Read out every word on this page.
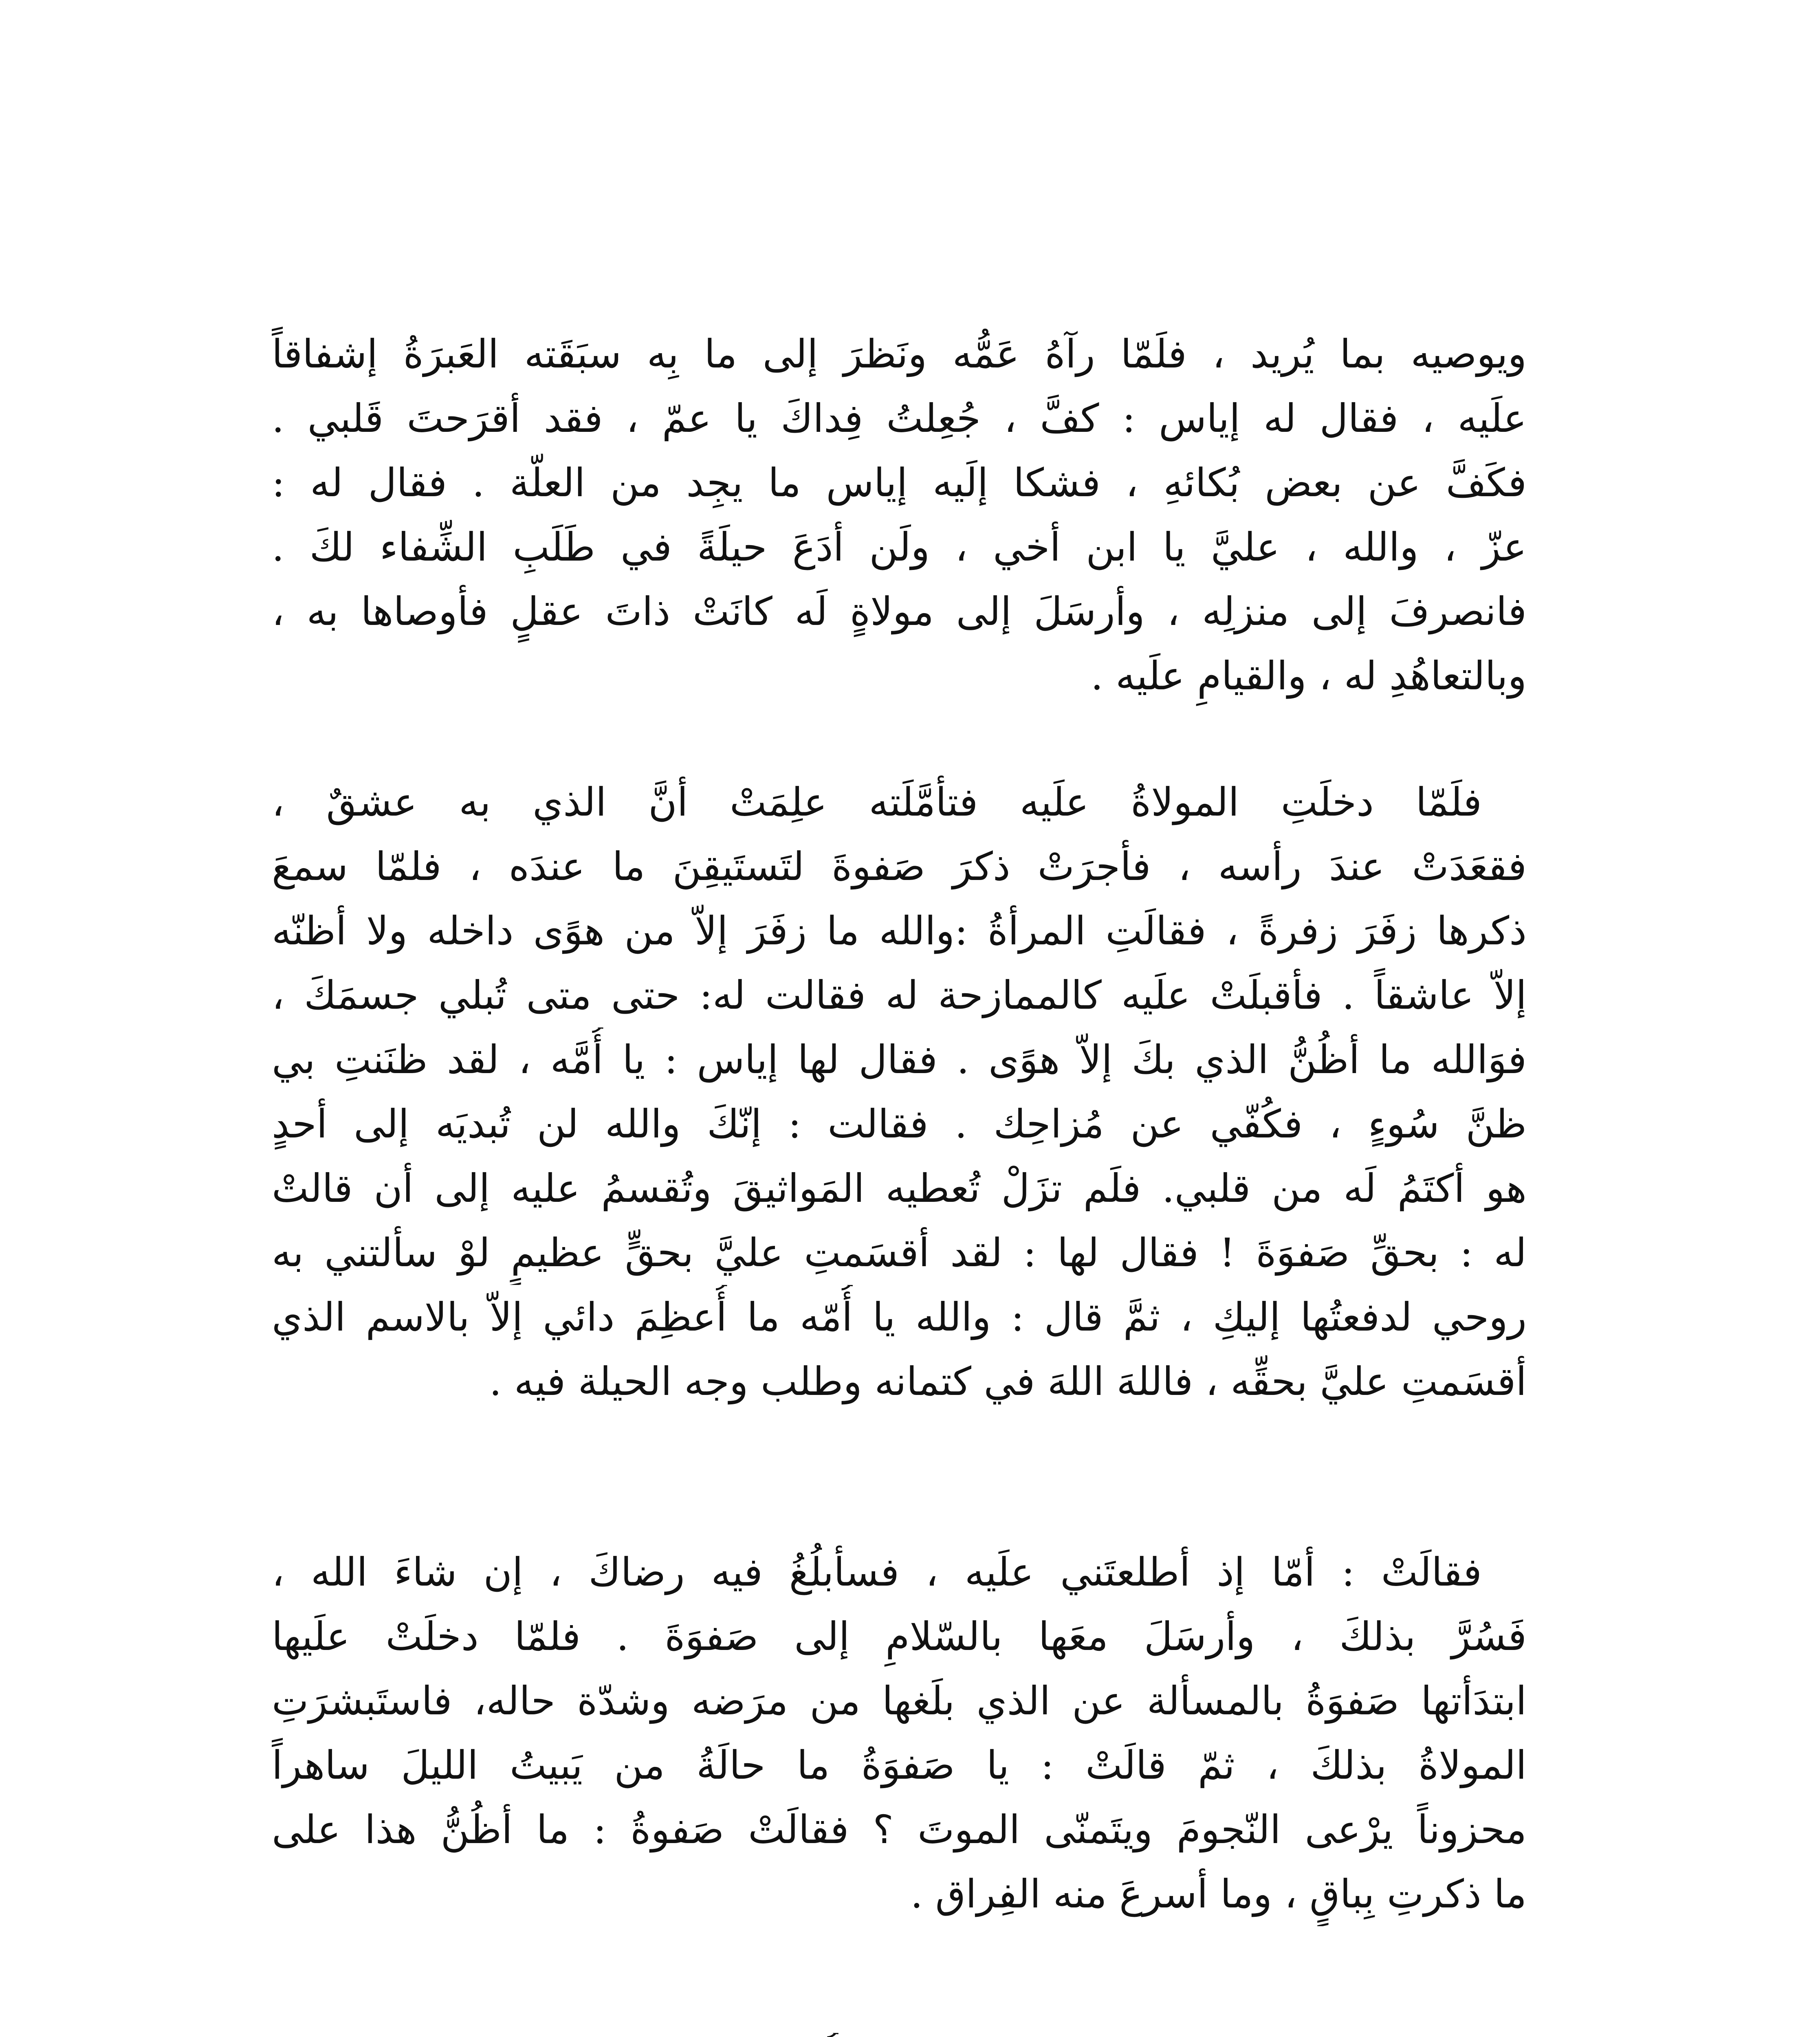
ويوصيه بما يُريد ، فلَمّا رآهُ عَمُّه ونَظرَ إلى ما بِه سبَقَته العَبرَةُ إشفاقاً
علَيه ، فقال له إياس : كفَّ ، جُعِلتُ فِداكَ يا عمّ ، فقد أقرَحتَ قَلبي .
فكَفَّ عن بعض بُكائهِ ، فشكا إلَيه إياس ما يجِد من العلّة . فقال له :
عزّ ، والله ، عليَّ يا ابن أخي ، ولَن أدَعَ حيلَةً في طَلَبِ الشِّفاء لكَ .
فانصرفَ إلى منزلِه ، وأرسَلَ إلى مولاةٍ لَه كانَتْ ذاتَ عقلٍ فأوصاها به ،
وبالتعاهُدِ له ، والقيامِ علَيه .
فلَمّا دخلَتِ المولاةُ علَيه فتأمَّلَته علِمَتْ أنَّ الذي به عشقٌ ،
فقعَدَتْ عندَ رأسه ، فأجرَتْ ذكرَ صَفوةَ لتَستَيقِنَ ما عندَه ، فلمّا سمعَ
ذكرها زفَرَ زفرةً ، فقالَتِ المرأةُ :والله ما زفَرَ إلاّ من هوًى داخله ولا أظنّه
إلاّ عاشقاً . فأقبلَتْ علَيه كالممازحة له فقالت له: حتى متى تُبلي جسمَكَ ،
فوَالله ما أظُنُّ الذي بكَ إلاّ هوًى . فقال لها إياس : يا أُمَّه ، لقد ظنَنتِ بي
ظنَّ سُوءٍ ، فكُفّي عن مُزاحِك . فقالت : إنّكَ والله لن تُبديَه إلى أحدٍ
هو أكتَمُ لَه من قلبي. فلَم تزَلْ تُعطيه المَواثيقَ وتُقسمُ عليه إلى أن قالتْ
له : بحقِّ صَفوَةَ ! فقال لها : لقد أقسَمتِ عليَّ بحقٍّ عظيمٍ لوْ سألتني به
روحي لدفعتُها إليكِ ، ثمَّ قال : والله يا أُمّه ما أُعظِمَ دائي إلاّ بالاسم الذي
أقسَمتِ عليَّ بحقِّه ، فاللهَ اللهَ في كتمانه وطلب وجه الحيلة فيه .
فقالَتْ : أمّا إذ أطلعتَني علَيه ، فسأبلُغُ فيه رضاكَ ، إن شاءَ الله ،
فَسُرَّ بذلكَ ، وأرسَلَ معَها بالسّلامِ إلى صَفوَةَ . فلمّا دخلَتْ علَيها
ابتدَأتها صَفوَةُ بالمسألة عن الذي بلَغها من مرَضه وشدّة حاله، فاستَبشرَتِ
المولاةُ بذلكَ ، ثمّ قالَتْ : يا صَفوَةُ ما حالَةُ من يَبيتُ الليلَ ساهراً
محزوناً يرْعى النّجومَ ويتَمنّى الموتَ ؟ فقالَتْ صَفوةُ : ما أظُنُّ هذا على
ما ذكرتِ بِباقٍ ، وما أسرعَ منه الفِراق .
